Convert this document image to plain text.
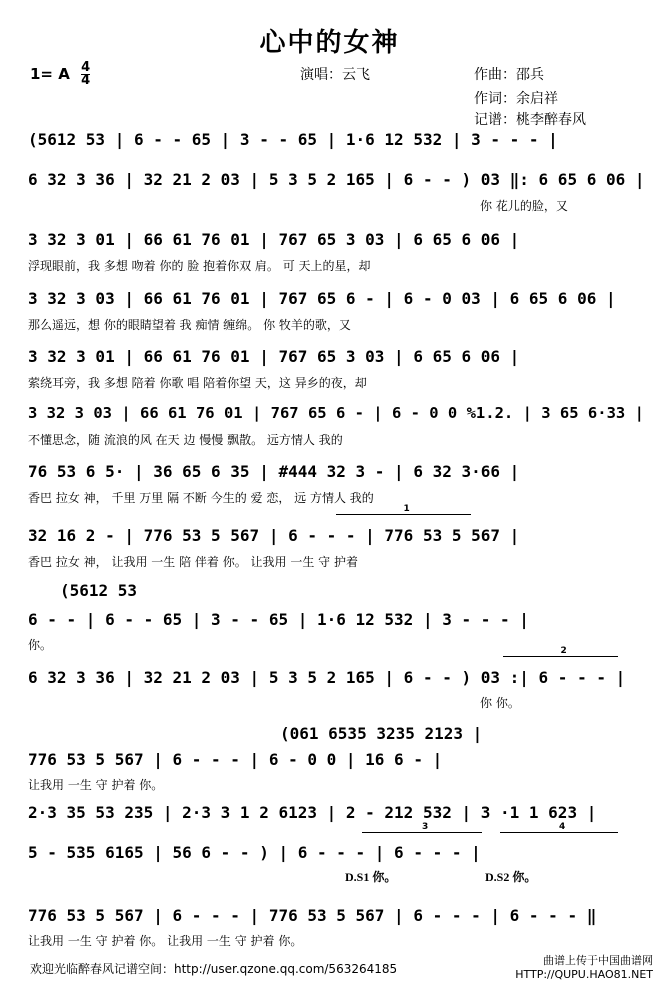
心中的女神
1= A $\frac{4}{4}$	演唱：云飞	作曲：邵兵
作词：余启祥
记谱：桃李醉春风
(5612 53 | 6 - - 65 | 3 - - 65 | 1·6 12 532 | 3 - - - |
6 32 3 36 | 32 21 2 03 | 5 3 5 2 165 | 6 - - ) 03 ‖: 6 65 6 06 |
你 花儿的脸，又
3 32 3 01 | 66 61 76 01 | 767 65 3 03 | 6 65 6 06 |
浮现眼前，我 多想 吻着 你的 脸 抱着你双 肩。 可 天上的星，却
3 32 3 03 | 66 61 76 01 | 767 65 6 - | 6 - 0 03 | 6 65 6 06 |
那么遥远，想 你的眼睛望着 我 痴情 缠绵。 你 牧羊的歌，又
3 32 3 01 | 66 61 76 01 | 767 65 3 03 | 6 65 6 06 |
萦绕耳旁，我 多想 陪着 你歌 唱 陪着你望 天，这 异乡的夜，却
3 32 3 03 | 66 61 76 01 | 767 65 6 - | 6 - 0 0 %1.2. | 3 65 6·33 |
不懂思念，随 流浪的风 在天 边 慢慢 飘散。 远方情人 我的
76 53 6 5· | 36 65 6 35 | #444 32 3 - | 6 32 3·66 |
香巴 拉女 神， 千里 万里 隔 不断 今生的 爱 恋， 远 方情人 我的
1
32 16 2 - | 776 53 5 567 | 6 - - - | 776 53 5 567 |
香巴 拉女 神， 让我用 一生 陪 伴着 你。 让我用 一生 守 护着
(5612 53
6 - - | 6 - - 65 | 3 - - 65 | 1·6 12 532 | 3 - - - |
你。	2
6 32 3 36 | 32 21 2 03 | 5 3 5 2 165 | 6 - - ) 03 :| 6 - - - |
你 你。
(061 6535 3235 2123 |
776 53 5 567 | 6 - - - | 6 - 0 0 | 16 6 - |
让我用 一生 守 护着 你。
2·3 35 53 235 | 2·3 3 1 2 6123 | 2 - 212 532 | 3 ·1 1 623 |
3	4
5 - 535 6165 | 56 6 - - ) | 6 - - - | 6 - - - |
D.S1 你。	D.S2 你。
776 53 5 567 | 6 - - - | 776 53 5 567 | 6 - - - | 6 - - - ‖
让我用 一生 守 护着 你。 让我用 一生 守 护着 你。
欢迎光临醉春风记谱空间：http://user.qzone.qq.com/563264185
曲谱上传于中国曲谱网
HTTP://QUPU.HAO81.NET
